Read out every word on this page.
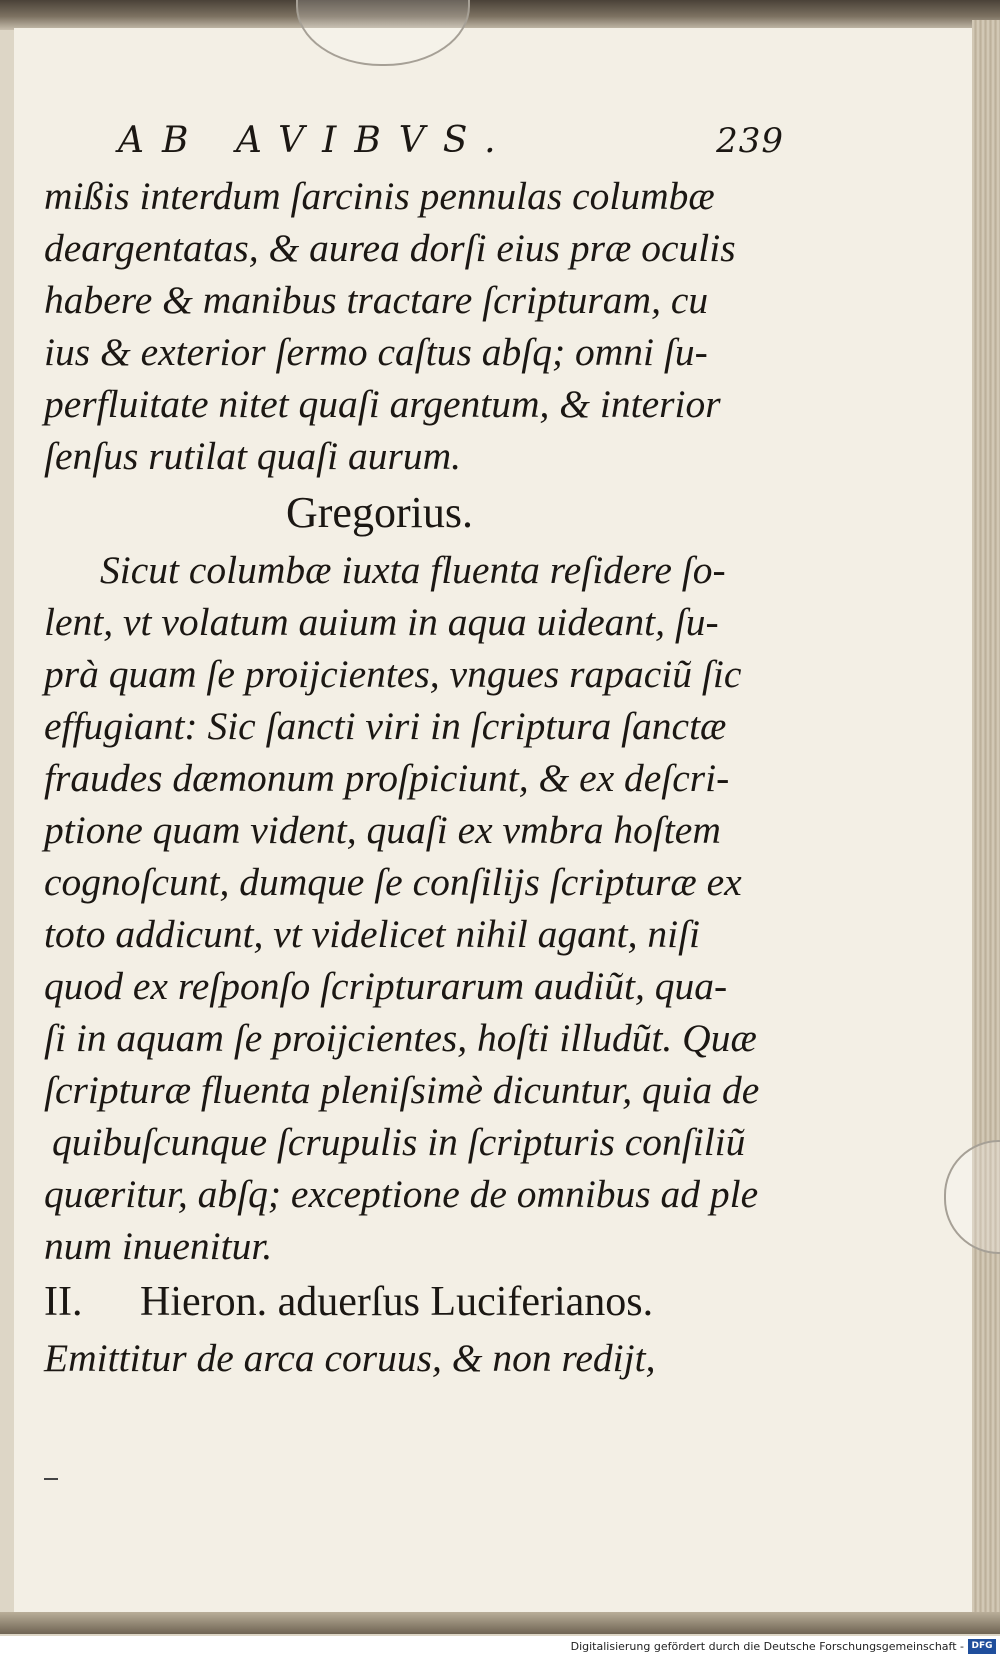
AB AVIBVS.	239
mißis interdum ſarcinis pennulas columbæ
deargentatas, & aurea dorſi eius præ oculis
habere & manibus tractare ſcripturam, cu
ius & exterior ſermo caſtus abſq; omni ſu-
perfluitate nitet quaſi argentum, & interior
ſenſus rutilat quaſi aurum.
Gregorius.
Sicut columbæ iuxta fluenta reſidere ſo-
lent, vt volatum auium in aqua uideant, ſu-
prà quam ſe proijcientes, vngues rapaciũ ſic
effugiant: Sic ſancti viri in ſcriptura ſanctæ
fraudes dæmonum proſpiciunt, & ex deſcri-
ptione quam vident, quaſi ex vmbra hoſtem
cognoſcunt, dumque ſe conſilijs ſcripturæ ex
toto addicunt, vt videlicet nihil agant, niſi
quod ex reſponſo ſcripturarum audiũt, qua-
ſi in aquam ſe proijcientes, hoſti illudũt. Quæ
ſcripturæ fluenta pleniſsimè dicuntur, quia de
quibuſcunque ſcrupulis in ſcripturis conſiliũ
quæritur, abſq; exceptione de omnibus ad ple
num inuenitur.
II.	Hieron. aduerſus Luciferianos.
Emittitur de arca coruus, & non redijt,
Digitalisierung gefördert durch die Deutsche Forschungsgemeinschaft - DFG
